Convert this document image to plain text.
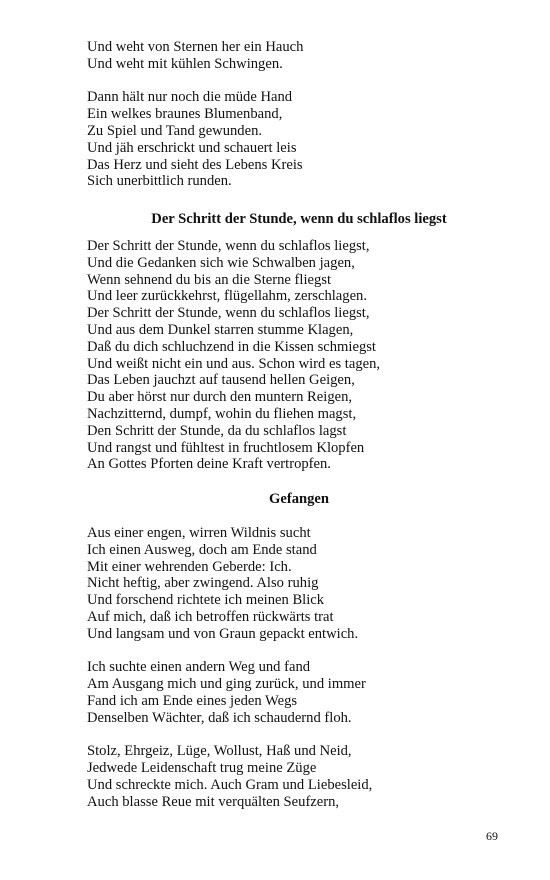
Und weht von Sternen her ein Hauch
Und weht mit kühlen Schwingen.
Dann hält nur noch die müde Hand
Ein welkes braunes Blumenband,
Zu Spiel und Tand gewunden.
Und jäh erschrickt und schauert leis
Das Herz und sieht des Lebens Kreis
Sich unerbittlich runden.
Der Schritt der Stunde, wenn du schlaflos liegst
Der Schritt der Stunde, wenn du schlaflos liegst,
Und die Gedanken sich wie Schwalben jagen,
Wenn sehnend du bis an die Sterne fliegst
Und leer zurückkehrst, flügellahm, zerschlagen.
Der Schritt der Stunde, wenn du schlaflos liegst,
Und aus dem Dunkel starren stumme Klagen,
Daß du dich schluchzend in die Kissen schmiegst
Und weißt nicht ein und aus. Schon wird es tagen,
Das Leben jauchzt auf tausend hellen Geigen,
Du aber hörst nur durch den muntern Reigen,
Nachzitternd, dumpf, wohin du fliehen magst,
Den Schritt der Stunde, da du schlaflos lagst
Und rangst und fühltest in fruchtlosem Klopfen
An Gottes Pforten deine Kraft vertropfen.
Gefangen
Aus einer engen, wirren Wildnis sucht
Ich einen Ausweg, doch am Ende stand
Mit einer wehrenden Geberde: Ich.
Nicht heftig, aber zwingend. Also ruhig
Und forschend richtete ich meinen Blick
Auf mich, daß ich betroffen rückwärts trat
Und langsam und von Graun gepackt entwich.
Ich suchte einen andern Weg und fand
Am Ausgang mich und ging zurück, und immer
Fand ich am Ende eines jeden Wegs
Denselben Wächter, daß ich schaudernd floh.
Stolz, Ehrgeiz, Lüge, Wollust, Haß und Neid,
Jedwede Leidenschaft trug meine Züge
Und schreckte mich. Auch Gram und Liebesleid,
Auch blasse Reue mit verquälten Seufzern,
69
